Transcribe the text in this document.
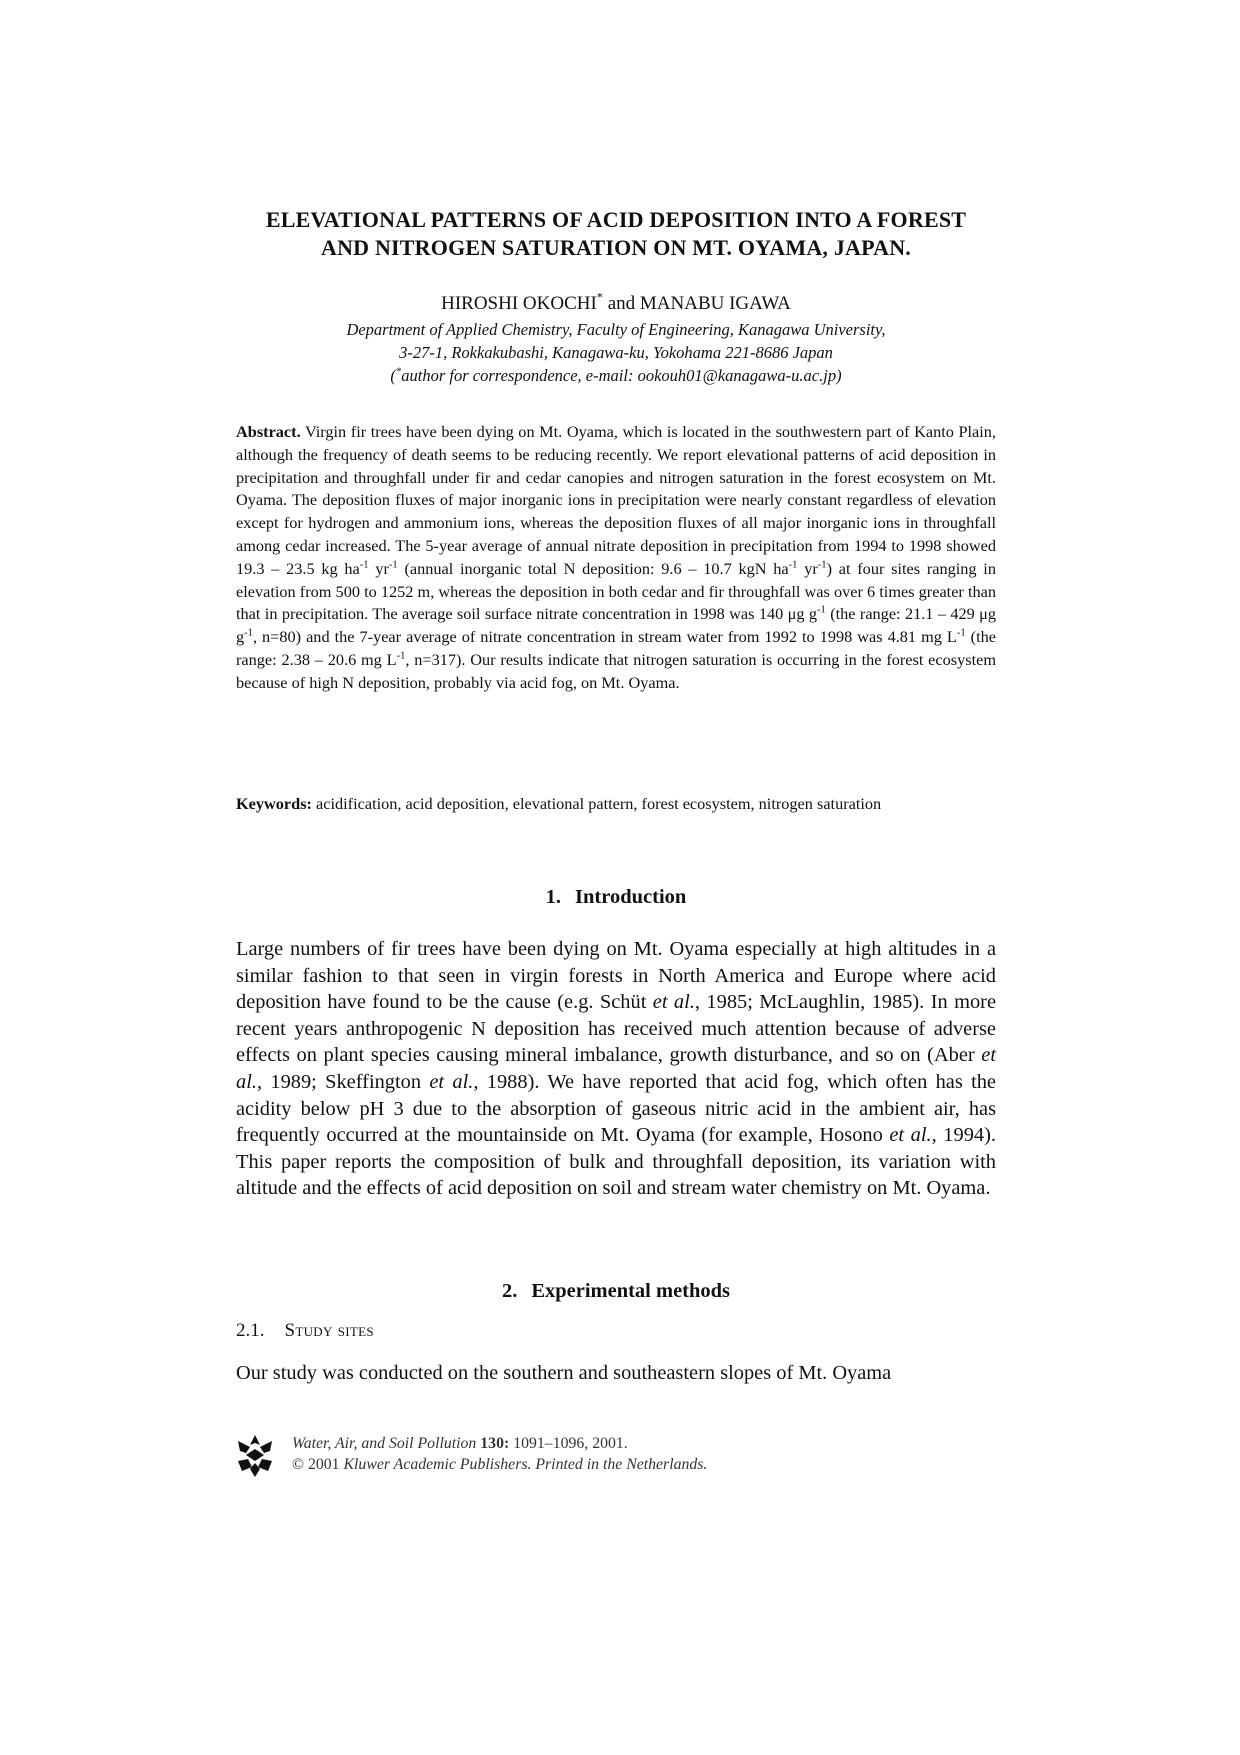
ELEVATIONAL PATTERNS OF ACID DEPOSITION INTO A FOREST
AND NITROGEN SATURATION ON MT. OYAMA, JAPAN.
HIROSHI OKOCHI* and MANABU IGAWA
Department of Applied Chemistry, Faculty of Engineering, Kanagawa University,
3-27-1, Rokkakubashi, Kanagawa-ku, Yokohama 221-8686 Japan
(*author for correspondence, e-mail: ookouh01@kanagawa-u.ac.jp)
Abstract. Virgin fir trees have been dying on Mt. Oyama, which is located in the southwestern part of Kanto Plain, although the frequency of death seems to be reducing recently. We report elevational patterns of acid deposition in precipitation and throughfall under fir and cedar canopies and nitrogen saturation in the forest ecosystem on Mt. Oyama. The deposition fluxes of major inorganic ions in precipitation were nearly constant regardless of elevation except for hydrogen and ammonium ions, whereas the deposition fluxes of all major inorganic ions in throughfall among cedar increased. The 5-year average of annual nitrate deposition in precipitation from 1994 to 1998 showed 19.3 – 23.5 kg $ha^{-1}$ $yr^{-1}$ (annual inorganic total N deposition: 9.6 – 10.7 kgN $ha^{-1}$ $yr^{-1}$) at four sites ranging in elevation from 500 to 1252 m, whereas the deposition in both cedar and fir throughfall was over 6 times greater than that in precipitation. The average soil surface nitrate concentration in 1998 was 140 μg $g^{-1}$ (the range: 21.1 – 429 μg $g^{-1}$, n=80) and the 7-year average of nitrate concentration in stream water from 1992 to 1998 was 4.81 mg $L^{-1}$ (the range: 2.38 – 20.6 mg $L^{-1}$, n=317). Our results indicate that nitrogen saturation is occurring in the forest ecosystem because of high N deposition, probably via acid fog, on Mt. Oyama.
Keywords: acidification, acid deposition, elevational pattern, forest ecosystem, nitrogen saturation
1. Introduction
Large numbers of fir trees have been dying on Mt. Oyama especially at high altitudes in a similar fashion to that seen in virgin forests in North America and Europe where acid deposition have found to be the cause (e.g. Schüt et al., 1985; McLaughlin, 1985). In more recent years anthropogenic N deposition has received much attention because of adverse effects on plant species causing mineral imbalance, growth disturbance, and so on (Aber et al., 1989; Skeffington et al., 1988). We have reported that acid fog, which often has the acidity below pH 3 due to the absorption of gaseous nitric acid in the ambient air, has frequently occurred at the mountainside on Mt. Oyama (for example, Hosono et al., 1994). This paper reports the composition of bulk and throughfall deposition, its variation with altitude and the effects of acid deposition on soil and stream water chemistry on Mt. Oyama.
2. Experimental methods
2.1. Study sites
Our study was conducted on the southern and southeastern slopes of Mt. Oyama
Water, Air, and Soil Pollution 130: 1091–1096, 2001.
© 2001 Kluwer Academic Publishers. Printed in the Netherlands.
